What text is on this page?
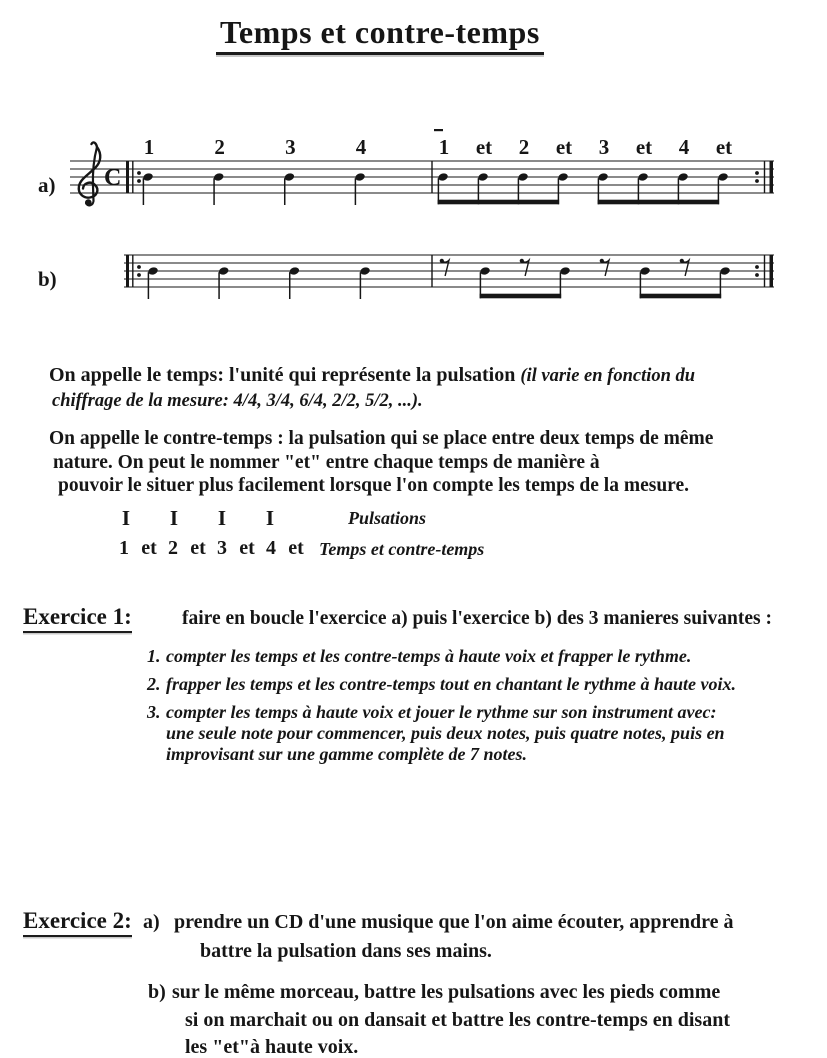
Temps et contre-temps
a) C
1	2	3	4	1 et 2 et 3 et 4 et
b)
On appelle le temps: l'unité qui représente la pulsation (il varie en fonction du
chiffrage de la mesure: 4/4, 3/4, 6/4, 2/2, 5/2, ...).
On appelle le contre-temps : la pulsation qui se place entre deux temps de même
nature. On peut le nommer "et" entre chaque temps de manière à
pouvoir le situer plus facilement lorsque l'on compte les temps de la mesure.
I I I I	Pulsations
1 et 2 et 3 et 4 et Temps et contre-temps
Exercice 1:	faire en boucle l'exercice a) puis l'exercice b) des 3 manieres suivantes :
1. compter les temps et les contre-temps à haute voix et frapper le rythme.
2. frapper les temps et les contre-temps tout en chantant le rythme à haute voix.
3. compter les temps à haute voix et jouer le rythme sur son instrument avec:
une seule note pour commencer, puis deux notes, puis quatre notes, puis en
improvisant sur une gamme complète de 7 notes.
Exercice 2: a) prendre un CD d'une musique que l'on aime écouter, apprendre à
battre la pulsation dans ses mains.
b) sur le même morceau, battre les pulsations avec les pieds comme
si on marchait ou on dansait et battre les contre-temps en disant
les "et"à haute voix.
